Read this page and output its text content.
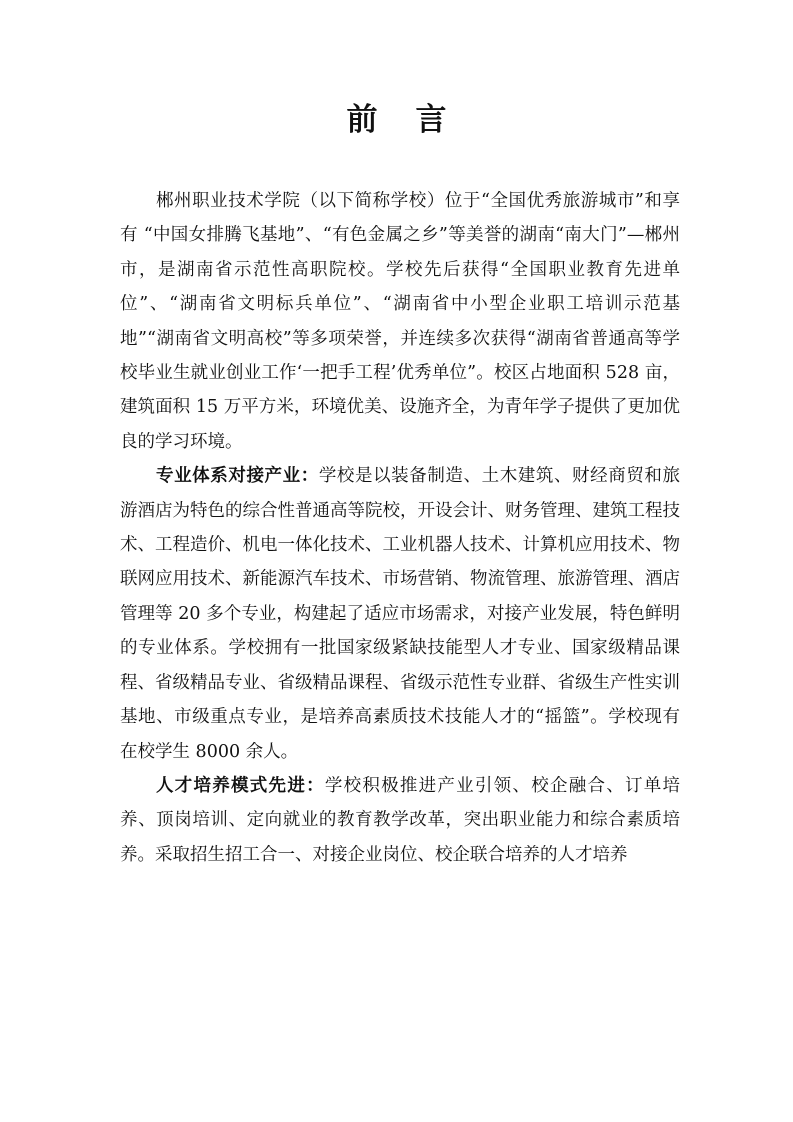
前言

郴州职业技术学院（以下简称学校）位于“全国优秀旅游城市”和享有 “中国女排腾飞基地”、“有色金属之乡”等美誉的湖南“南大门”—郴州市，是湖南省示范性高职院校。学校先后获得“全国职业教育先进单位”、“湖南省文明标兵单位”、“湖南省中小型企业职工培训示范基地”“湖南省文明高校”等多项荣誉，并连续多次获得“湖南省普通高等学校毕业生就业创业工作‘一把手工程’优秀单位”。校区占地面积 528 亩，建筑面积 15 万平方米，环境优美、设施齐全，为青年学子提供了更加优良的学习环境。

专业体系对接产业：学校是以装备制造、土木建筑、财经商贸和旅游酒店为特色的综合性普通高等院校，开设会计、财务管理、建筑工程技术、工程造价、机电一体化技术、工业机器人技术、计算机应用技术、物联网应用技术、新能源汽车技术、市场营销、物流管理、旅游管理、酒店管理等 20 多个专业，构建起了适应市场需求，对接产业发展，特色鲜明的专业体系。学校拥有一批国家级紧缺技能型人才专业、国家级精品课程、省级精品专业、省级精品课程、省级示范性专业群、省级生产性实训基地、市级重点专业，是培养高素质技术技能人才的“摇篮”。学校现有在校学生 8000 余人。

人才培养模式先进：学校积极推进产业引领、校企融合、订单培养、顶岗培训、定向就业的教育教学改革，突出职业能力和综合素质培养。采取招生招工合一、对接企业岗位、校企联合培养的人才培养
